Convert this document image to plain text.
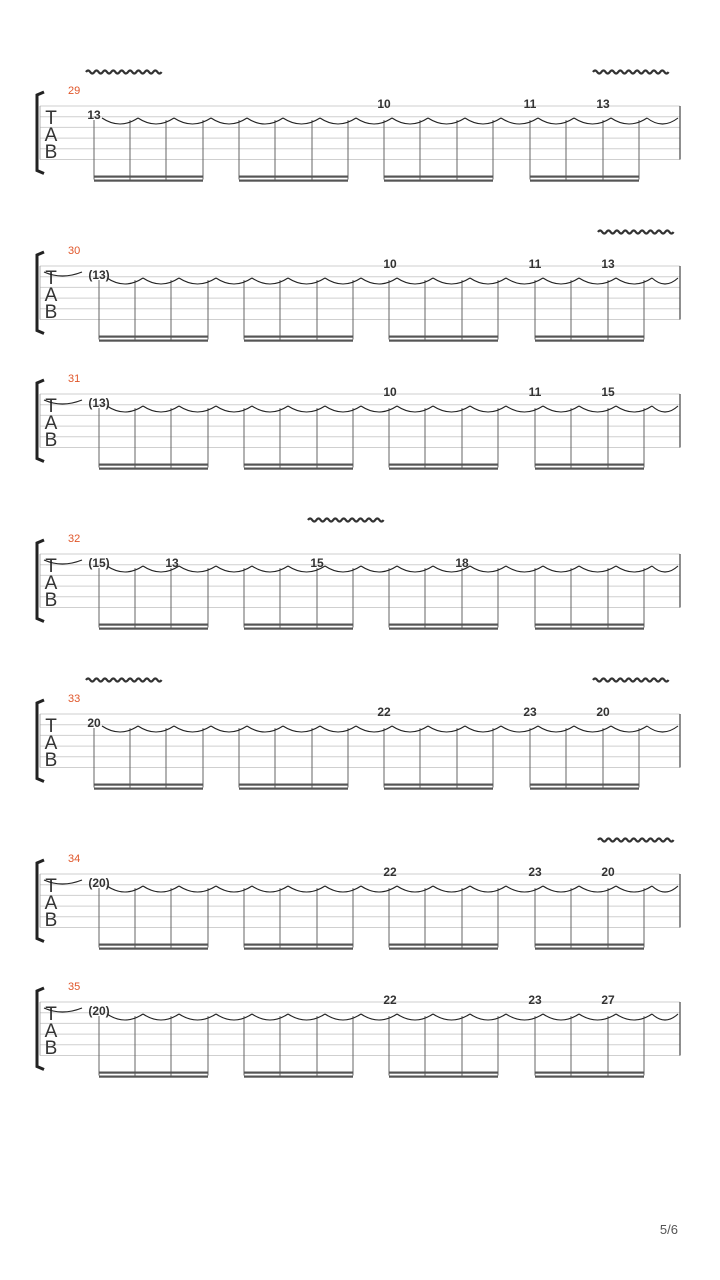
29
T
A
B
13
10	11	13
30
T
A
B
(13)
10	11	13
31
T
A
B
(13)
10	11	15
32
T
A
B
(15)	13	15	18
33
T
A
B
20
22	23	20
34
T
A
B
(20)
22	23	20
35
T
A
B
(20)
22	23	27
5/6
